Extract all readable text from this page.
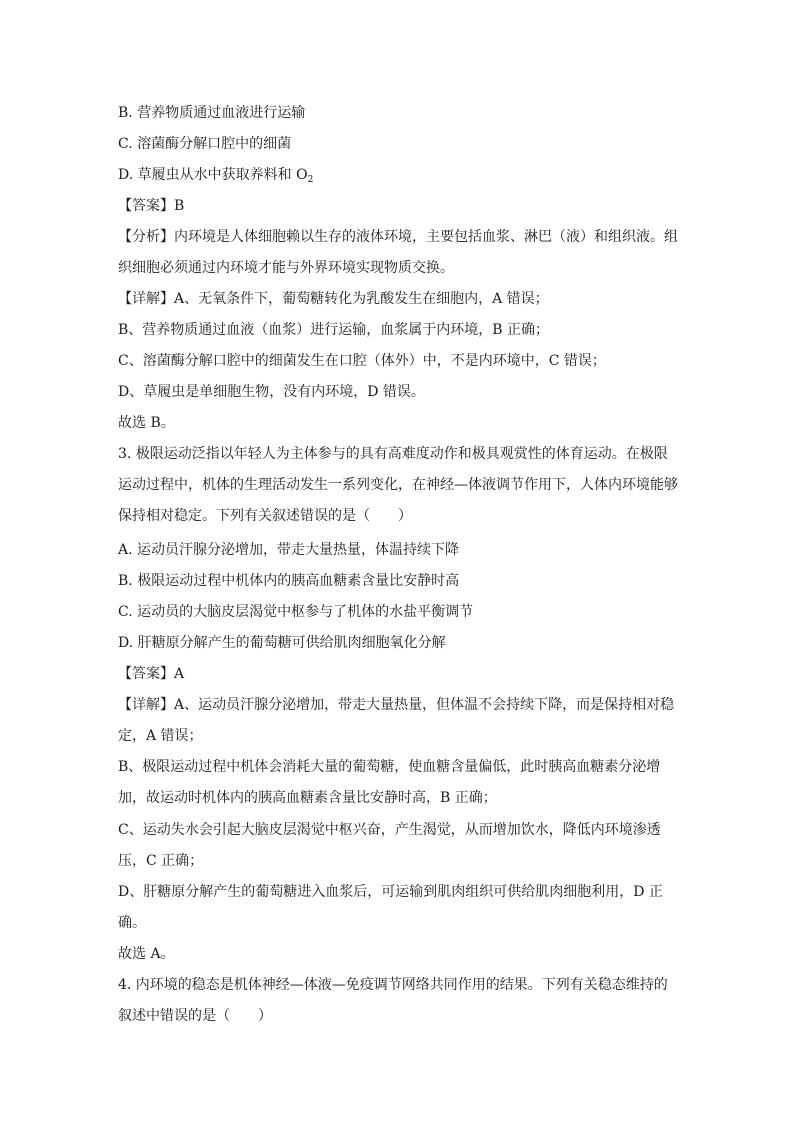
B. 营养物质通过血液进行运输
C. 溶菌酶分解口腔中的细菌
D. 草履虫从水中获取养料和 $O_2$
【答案】B
【分析】内环境是人体细胞赖以生存的液体环境，主要包括血浆、淋巴（液）和组织液。组织细胞必须通过内环境才能与外界环境实现物质交换。
【详解】A、无氧条件下，葡萄糖转化为乳酸发生在细胞内，A 错误；
B、营养物质通过血液（血浆）进行运输，血浆属于内环境，B 正确；
C、溶菌酶分解口腔中的细菌发生在口腔（体外）中，不是内环境中，C 错误；
D、草履虫是单细胞生物，没有内环境，D 错误。
故选 B。
3. 极限运动泛指以年轻人为主体参与的具有高难度动作和极具观赏性的体育运动。在极限运动过程中，机体的生理活动发生一系列变化，在神经—体液调节作用下，人体内环境能够保持相对稳定。下列有关叙述错误的是（　　）
A. 运动员汗腺分泌增加，带走大量热量，体温持续下降
B. 极限运动过程中机体内的胰高血糖素含量比安静时高
C. 运动员的大脑皮层渴觉中枢参与了机体的水盐平衡调节
D. 肝糖原分解产生的葡萄糖可供给肌肉细胞氧化分解
【答案】A
【详解】A、运动员汗腺分泌增加，带走大量热量，但体温不会持续下降，而是保持相对稳定，A 错误；
B、极限运动过程中机体会消耗大量的葡萄糖，使血糖含量偏低，此时胰高血糖素分泌增加，故运动时机体内的胰高血糖素含量比安静时高，B 正确；
C、运动失水会引起大脑皮层渴觉中枢兴奋，产生渴觉，从而增加饮水，降低内环境渗透压，C 正确；
D、肝糖原分解产生的葡萄糖进入血浆后，可运输到肌肉组织可供给肌肉细胞利用，D 正确。
故选 A。
4. 内环境的稳态是机体神经—体液—免疫调节网络共同作用的结果。下列有关稳态维持的叙述中错误的是（　　）
